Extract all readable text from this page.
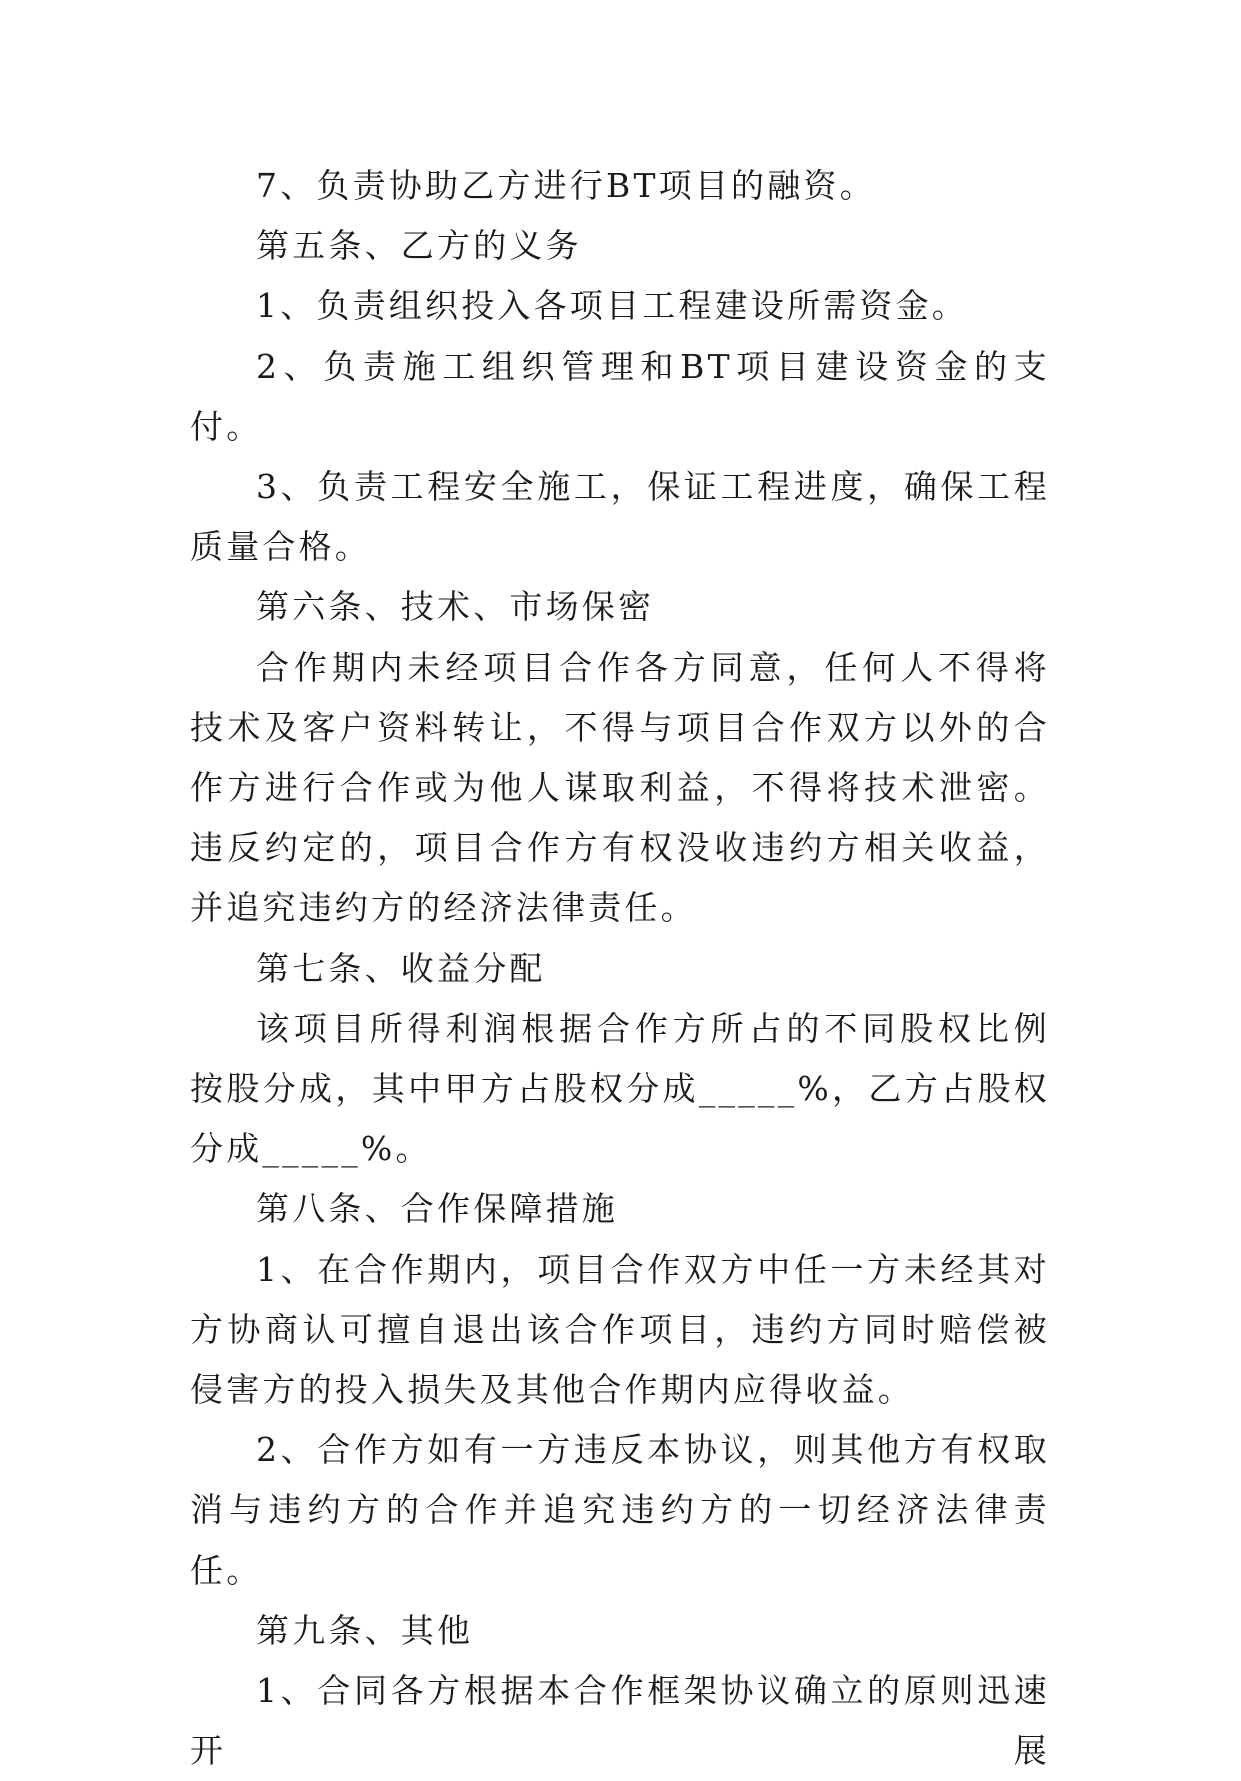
7、负责协助乙方进行BT项目的融资。

第五条、乙方的义务

1、负责组织投入各项目工程建设所需资金。

2、负责施工组织管理和BT项目建设资金的支付。

3、负责工程安全施工，保证工程进度，确保工程质量合格。

第六条、技术、市场保密

合作期内未经项目合作各方同意，任何人不得将技术及客户资料转让，不得与项目合作双方以外的合作方进行合作或为他人谋取利益，不得将技术泄密。违反约定的，项目合作方有权没收违约方相关收益，并追究违约方的经济法律责任。

第七条、收益分配

该项目所得利润根据合作方所占的不同股权比例按股分成，其中甲方占股权分成_____%，乙方占股权分成_____%。

第八条、合作保障措施

1、在合作期内，项目合作双方中任一方未经其对方协商认可擅自退出该合作项目，违约方同时赔偿被侵害方的投入损失及其他合作期内应得收益。

2、合作方如有一方违反本协议，则其他方有权取消与违约方的合作并追究违约方的一切经济法律责任。

第九条、其他

1、合同各方根据本合作框架协议确立的原则迅速开展
